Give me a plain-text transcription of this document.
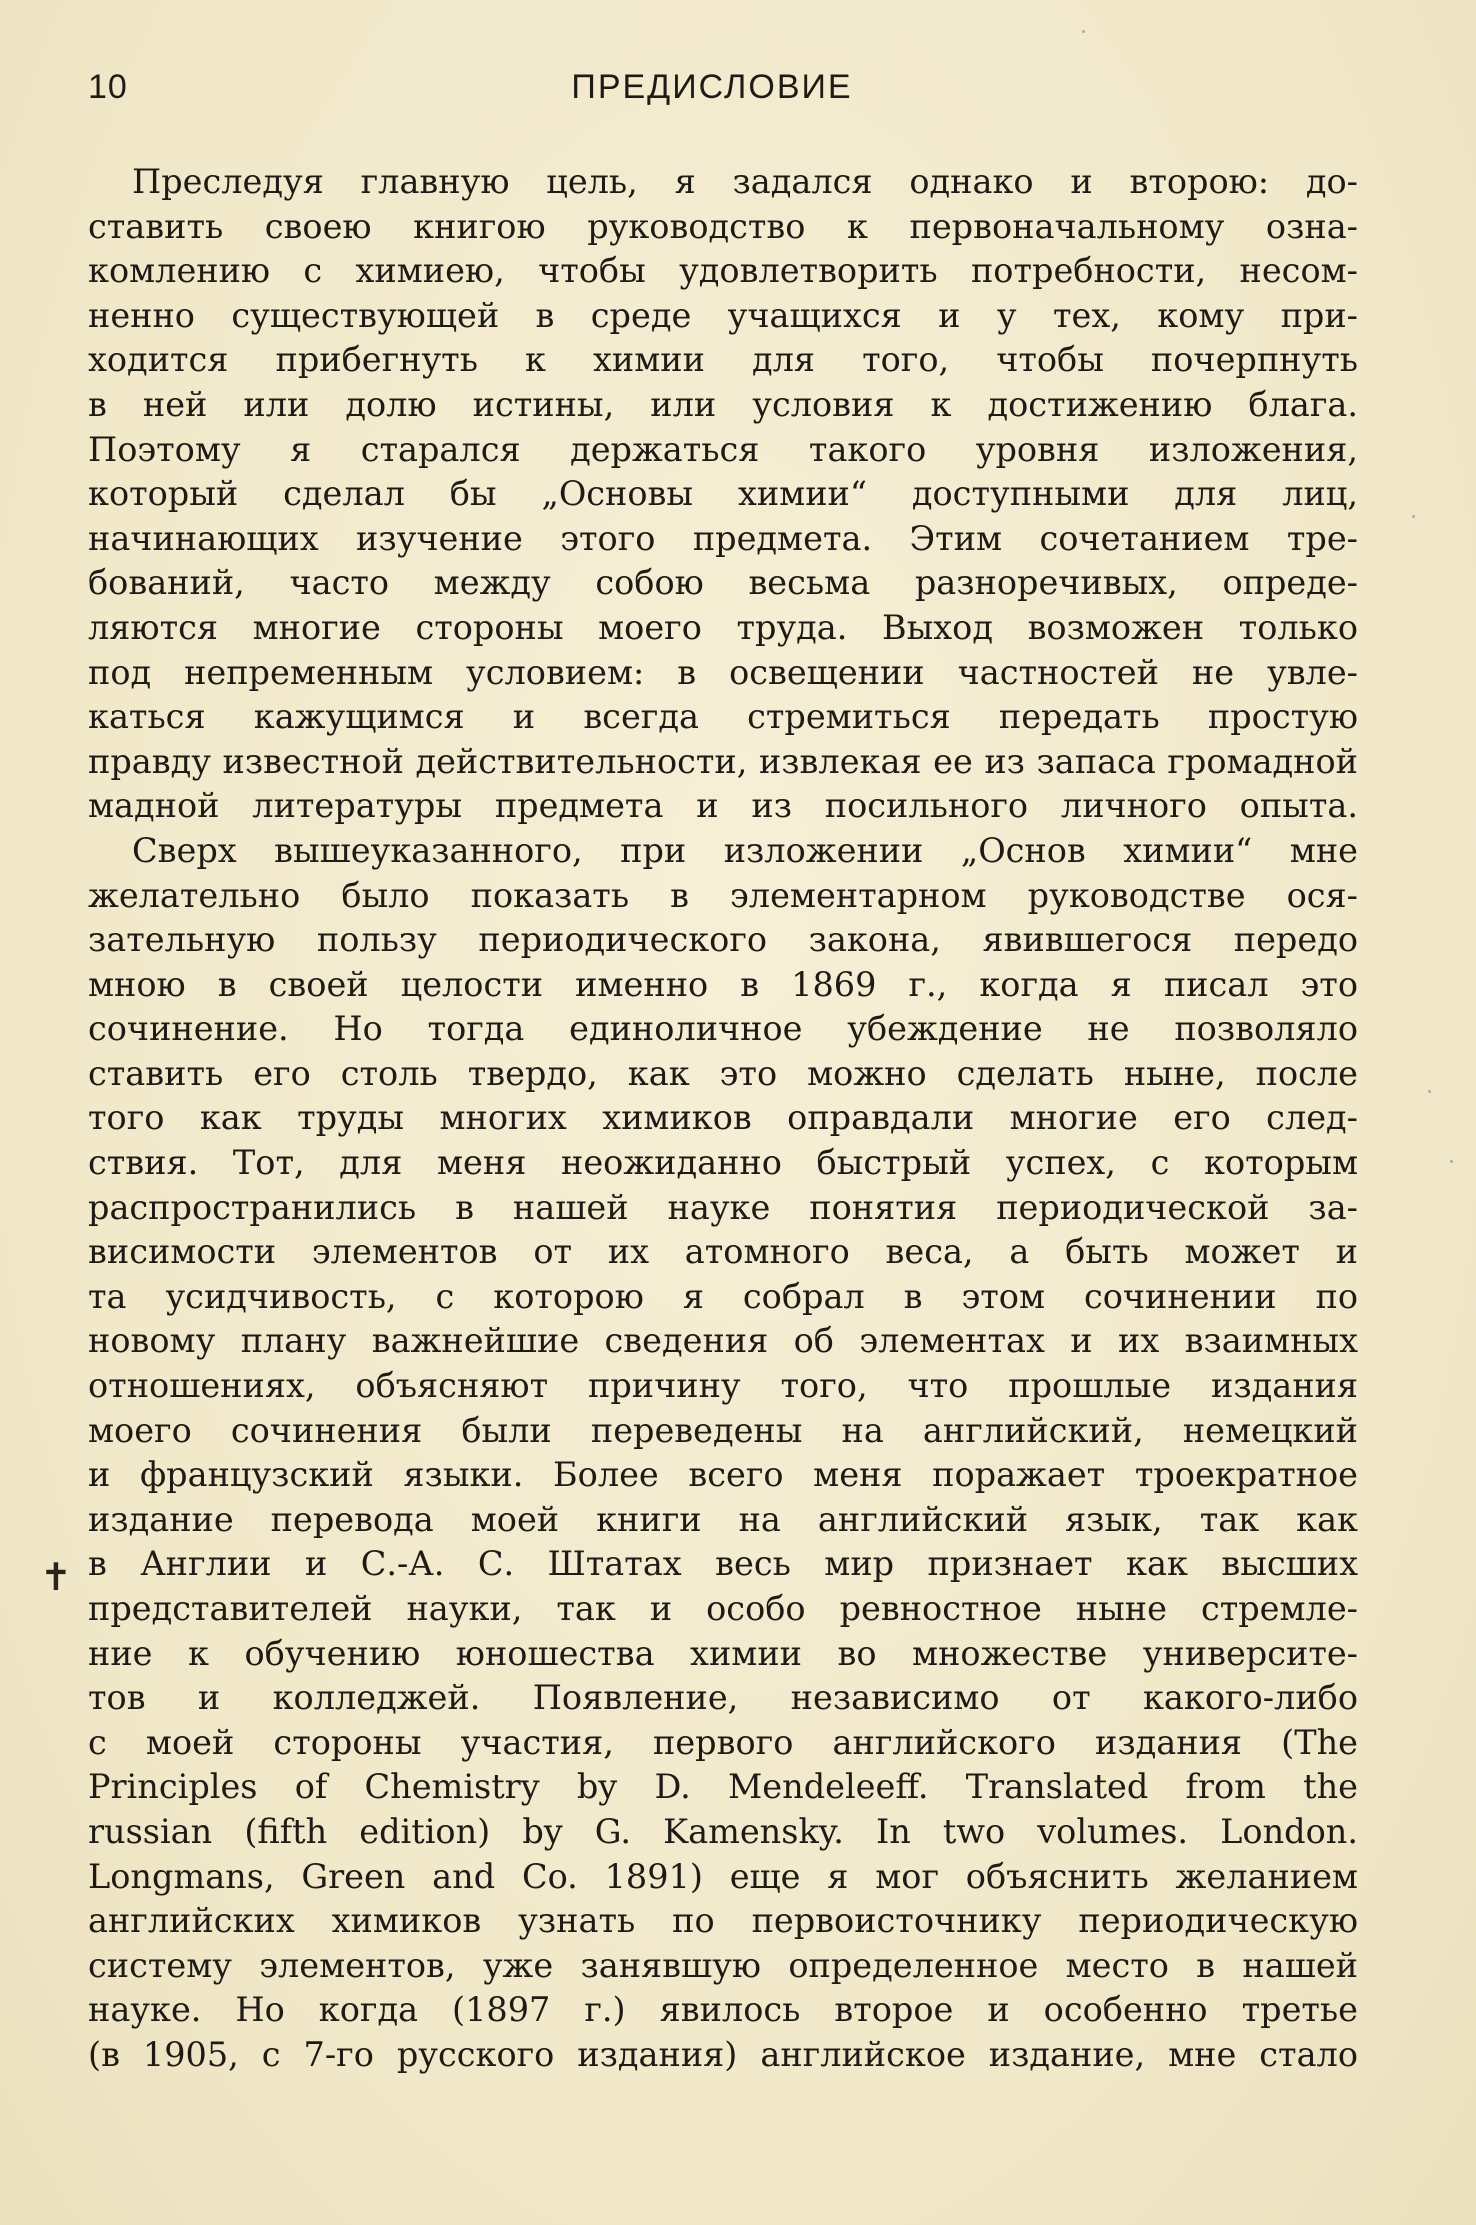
10	ПРЕДИСЛОВИЕ
✝
Преследуя главную цель, я задался однако и второю: до-
ставить своею книгою руководство к первоначальному озна-
комлению с химиею, чтобы удовлетворить потребности, несом-
ненно существующей в среде учащихся и у тех, кому при-
ходится прибегнуть к химии для того, чтобы почерпнуть
в ней или долю истины, или условия к достижению блага.
Поэтому я старался держаться такого уровня изложения,
который сделал бы „Основы химии“ доступными для лиц,
начинающих изучение этого предмета. Этим сочетанием тре-
бований, часто между собою весьма разноречивых, опреде-
ляются многие стороны моего труда. Выход возможен только
под непременным условием: в освещении частностей не увле-
каться кажущимся и всегда стремиться передать простую
правду известной действительности, извлекая ее из запаса громадной
мадной литературы предмета и из посильного личного опыта.
Сверх вышеуказанного, при изложении „Основ химии“ мне
желательно было показать в элементарном руководстве ося-
зательную пользу периодического закона, явившегося передо
мною в своей целости именно в 1869 г., когда я писал это
сочинение. Но тогда единоличное убеждение не позволяло
ставить его столь твердо, как это можно сделать ныне, после
того как труды многих химиков оправдали многие его след-
ствия. Тот, для меня неожиданно быстрый успех, с которым
распространились в нашей науке понятия периодической за-
висимости элементов от их атомного веса, а быть может и
та усидчивость, с которою я собрал в этом сочинении по
новому плану важнейшие сведения об элементах и их взаимных
отношениях, объясняют причину того, что прошлые издания
моего сочинения были переведены на английский, немецкий
и французский языки. Более всего меня поражает троекратное
издание перевода моей книги на английский язык, так как
в Англии и С.-А. С. Штатах весь мир признает как высших
представителей науки, так и особо ревностное ныне стремле-
ние к обучению юношества химии во множестве университе-
тов и колледжей. Появление, независимо от какого-либо
с моей стороны участия, первого английского издания (The
Principles of Chemistry by D. Mendeleeff. Translated from the
russian (fifth edition) by G. Kamensky. In two volumes. London.
Longmans, Green and Co. 1891) еще я мог объяснить желанием
английских химиков узнать по первоисточнику периодическую
систему элементов, уже занявшую определенное место в нашей
науке. Но когда (1897 г.) явилось второе и особенно третье
(в 1905, с 7-го русского издания) английское издание, мне стало
